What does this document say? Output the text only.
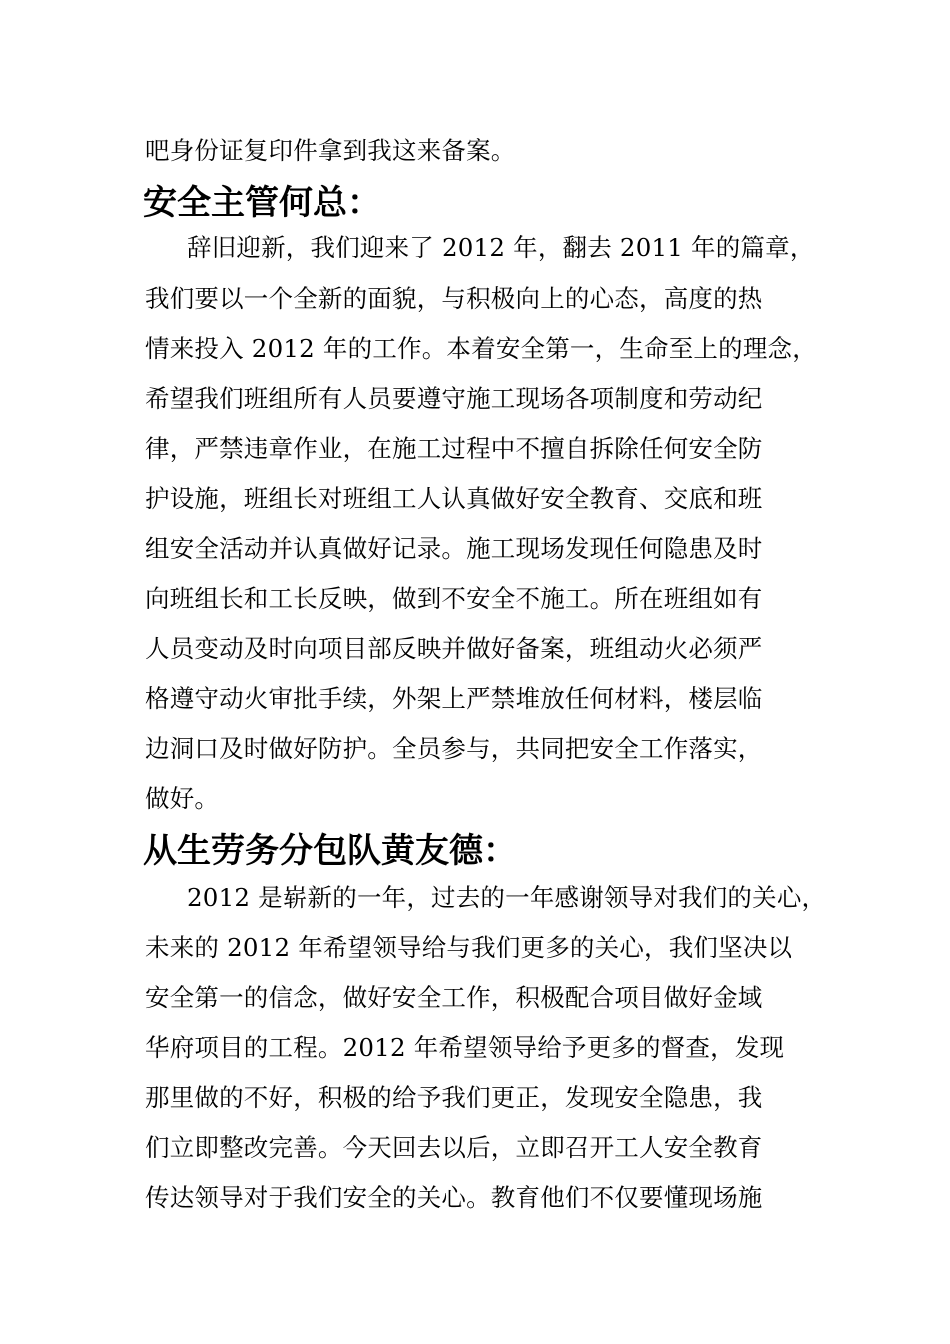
吧身份证复印件拿到我这来备案。

安全主管何总：

辞旧迎新，我们迎来了 2012 年，翻去 2011 年的篇章，

我们要以一个全新的面貌，与积极向上的心态，高度的热

情来投入 2012 年的工作。本着安全第一，生命至上的理念，

希望我们班组所有人员要遵守施工现场各项制度和劳动纪

律，严禁违章作业，在施工过程中不擅自拆除任何安全防

护设施，班组长对班组工人认真做好安全教育、交底和班

组安全活动并认真做好记录。施工现场发现任何隐患及时

向班组长和工长反映，做到不安全不施工。所在班组如有

人员变动及时向项目部反映并做好备案，班组动火必须严

格遵守动火审批手续，外架上严禁堆放任何材料，楼层临

边洞口及时做好防护。全员参与，共同把安全工作落实，

做好。

从生劳务分包队黄友德：

2012 是崭新的一年，过去的一年感谢领导对我们的关心，

未来的 2012 年希望领导给与我们更多的关心，我们坚决以

安全第一的信念，做好安全工作，积极配合项目做好金域

华府项目的工程。2012 年希望领导给予更多的督查，发现

那里做的不好，积极的给予我们更正，发现安全隐患，我

们立即整改完善。今天回去以后，立即召开工人安全教育

传达领导对于我们安全的关心。教育他们不仅要懂现场施
